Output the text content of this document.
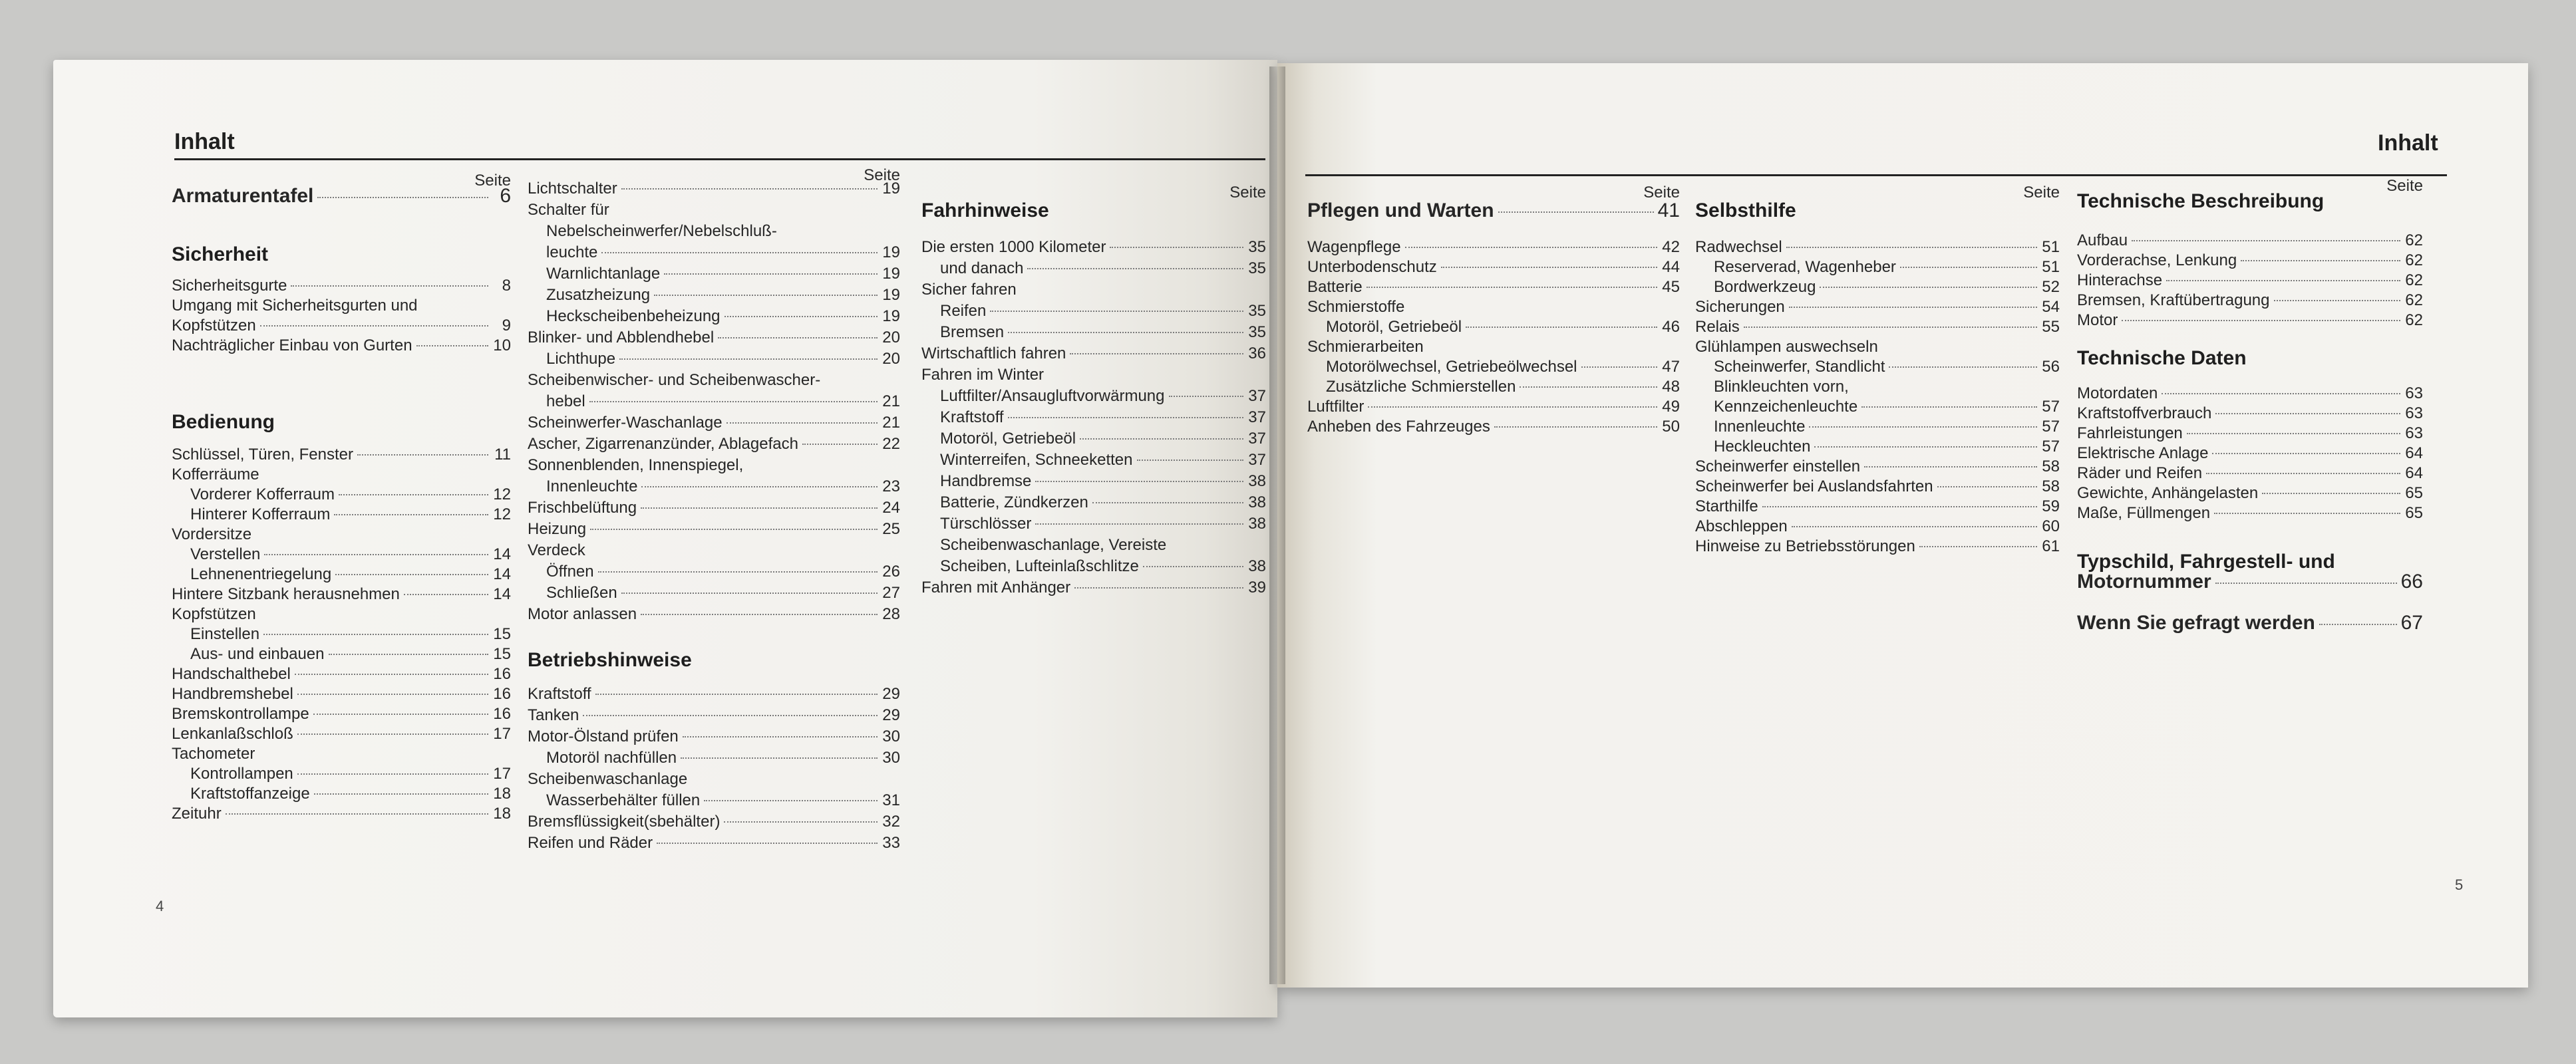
Inhalt
Seite
Armaturentafel	6
Sicherheit
Sicherheitsgurte	8
Umgang mit Sicherheitsgurten und
Kopfstützen	9
Nachträglicher Einbau von Gurten	10
Bedienung
Schlüssel, Türen, Fenster	11
Kofferräume
Vorderer Kofferraum	12
Hinterer Kofferraum	12
Vordersitze
Verstellen	14
Lehnenentriegelung	14
Hintere Sitzbank herausnehmen	14
Kopfstützen
Einstellen	15
Aus- und einbauen	15
Handschalthebel	16
Handbremshebel	16
Bremskontrollampe	16
Lenkanlaßschloß	17
Tachometer
Kontrollampen	17
Kraftstoffanzeige	18
Zeituhr	18
Seite
Lichtschalter	19
Schalter für
Nebelscheinwerfer/Nebelschluß-
leuchte	19
Warnlichtanlage	19
Zusatzheizung	19
Heckscheibenbeheizung	19
Blinker- und Abblendhebel	20
Lichthupe	20
Scheibenwischer- und Scheibenwascher-
hebel	21
Scheinwerfer-Waschanlage	21
Ascher, Zigarrenanzünder, Ablagefach	22
Sonnenblenden, Innenspiegel,
Innenleuchte	23
Frischbelüftung	24
Heizung	25
Verdeck
Öffnen	26
Schließen	27
Motor anlassen	28
Betriebshinweise
Kraftstoff	29
Tanken	29
Motor-Ölstand prüfen	30
Motoröl nachfüllen	30
Scheibenwaschanlage
Wasserbehälter füllen	31
Bremsflüssigkeit(sbehälter)	32
Reifen und Räder	33
Seite
Fahrhinweise
Die ersten 1000 Kilometer	35
und danach	35
Sicher fahren
Reifen	35
Bremsen	35
Wirtschaftlich fahren	36
Fahren im Winter
Luftfilter/Ansaugluftvorwärmung	37
Kraftstoff	37
Motoröl, Getriebeöl	37
Winterreifen, Schneeketten	37
Handbremse	38
Batterie, Zündkerzen	38
Türschlösser	38
Scheibenwaschanlage, Vereiste
Scheiben, Lufteinlaßschlitze	38
Fahren mit Anhänger	39
4
Inhalt
Seite
Pflegen und Warten	41
Wagenpflege	42
Unterbodenschutz	44
Batterie	45
Schmierstoffe
Motoröl, Getriebeöl	46
Schmierarbeiten
Motorölwechsel, Getriebeölwechsel	47
Zusätzliche Schmierstellen	48
Luftfilter	49
Anheben des Fahrzeuges	50
Seite
Selbsthilfe
Radwechsel	51
Reserverad, Wagenheber	51
Bordwerkzeug	52
Sicherungen	54
Relais	55
Glühlampen auswechseln
Scheinwerfer, Standlicht	56
Blinkleuchten vorn,
Kennzeichenleuchte	57
Innenleuchte	57
Heckleuchten	57
Scheinwerfer einstellen	58
Scheinwerfer bei Auslandsfahrten	58
Starthilfe	59
Abschleppen	60
Hinweise zu Betriebsstörungen	61
Seite
Technische Beschreibung
Aufbau	62
Vorderachse, Lenkung	62
Hinterachse	62
Bremsen, Kraftübertragung	62
Motor	62
Technische Daten
Motordaten	63
Kraftstoffverbrauch	63
Fahrleistungen	63
Elektrische Anlage	64
Räder und Reifen	64
Gewichte, Anhängelasten	65
Maße, Füllmengen	65
Typschild, Fahrgestell- und
Motornummer	66
Wenn Sie gefragt werden	67
5
